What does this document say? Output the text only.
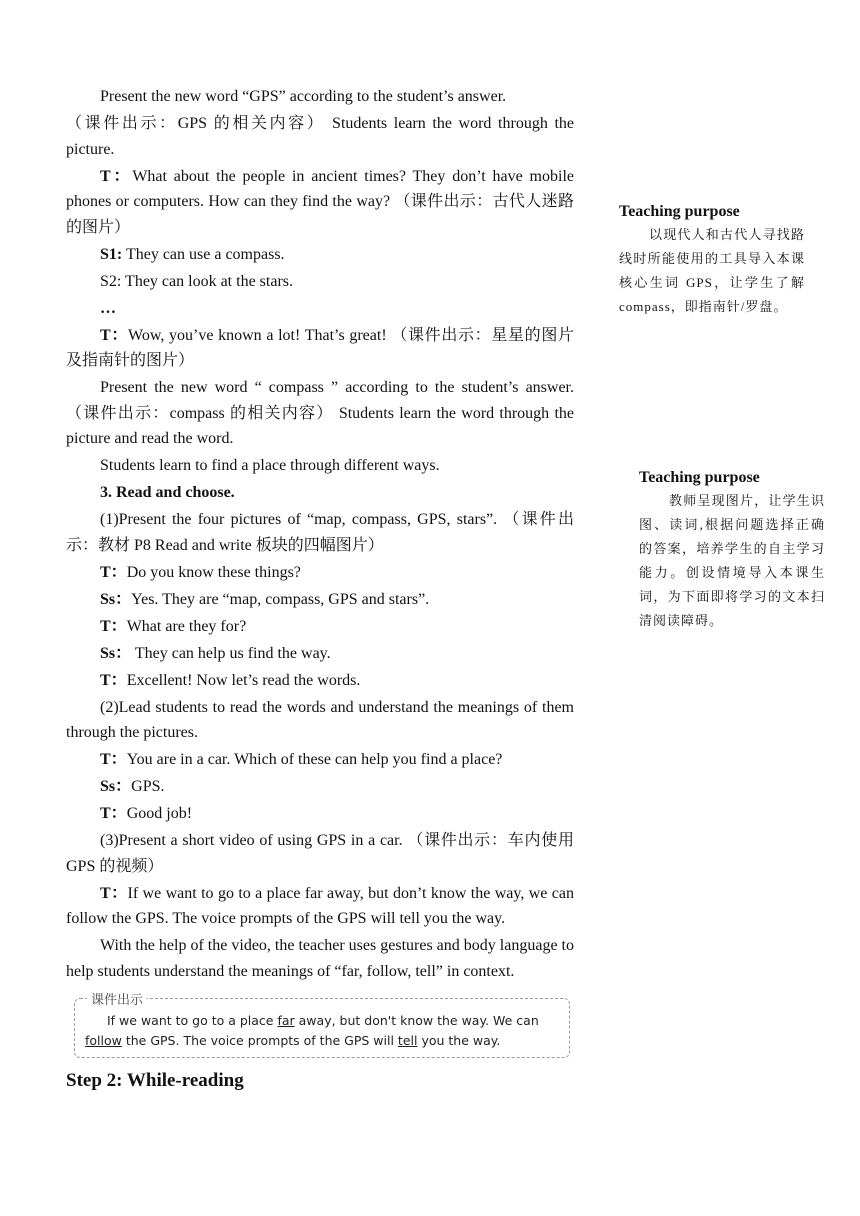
Present the new word “GPS” according to the student’s answer.

（课件出示：GPS 的相关内容） Students learn the word through the picture.

T：What about the people in ancient times? They don’t have mobile phones or computers. How can they find the way? （课件出示：古代人迷路的图片）

S1: They can use a compass.

S2: They can look at the stars.

…

T：Wow, you’ve known a lot! That’s great! （课件出示：星星的图片及指南针的图片）

Present the new word “ compass ” according to the student’s answer. （课件出示：compass 的相关内容） Students learn the word through the picture and read the word.

Students learn to find a place through different ways.

3. Read and choose.

(1)Present the four pictures of “map, compass, GPS, stars”. （课件出示：教材 P8 Read and write 板块的四幅图片）

T：Do you know these things?

Ss：Yes. They are “map, compass, GPS and stars”.

T：What are they for?

Ss： They can help us find the way.

T：Excellent! Now let’s read the words.

(2)Lead students to read the words and understand the meanings of them through the pictures.

T：You are in a car. Which of these can help you find a place?

Ss：GPS.

T：Good job!

(3)Present a short video of using GPS in a car. （课件出示：车内使用 GPS 的视频）

T：If we want to go to a place far away, but don’t know the way, we can follow the GPS. The voice prompts of the GPS will tell you the way.

With the help of the video, the teacher uses gestures and body language to help students understand the meanings of “far, follow, tell” in context.

课件出示
If we want to go to a place far away, but don't know the way. We can
follow the GPS. The voice prompts of the GPS will tell you the way.
Step 2: While-reading
Teaching purpose
以现代人和古代人寻找路线时所能使用的工具导入本课核心生词 GPS，让学生了解 compass，即指南针/罗盘。
Teaching purpose
教师呈现图片，让学生识图、读词,根据问题选择正确的答案，培养学生的自主学习能力。创设情境导入本课生词，为下面即将学习的文本扫清阅读障碍。
